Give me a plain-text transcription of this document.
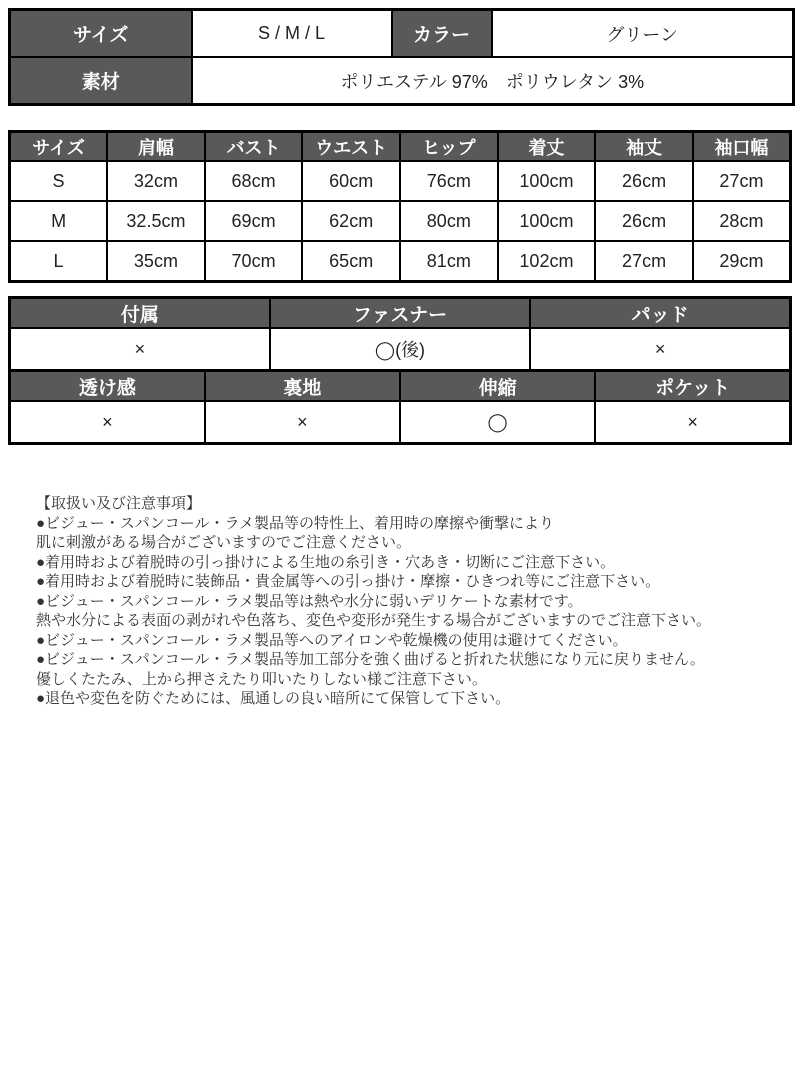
サイズ	S / M / L	カラー	グリーン
素材	ポリエステル 97%　ポリウレタン 3%		
サイズ	肩幅	バスト	ウエスト	ヒップ	着丈	袖丈	袖口幅
S	32cm	68cm	60cm	76cm	100cm	26cm	27cm
M	32.5cm	69cm	62cm	80cm	100cm	26cm	28cm
L	35cm	70cm	65cm	81cm	102cm	27cm	29cm
付属	ファスナー	パッド
×	◯(後)	×
透け感	裏地	伸縮	ポケット
×	×	◯	×
【取扱い及び注意事項】
●ビジュー・スパンコール・ラメ製品等の特性上、着用時の摩擦や衝撃により
肌に刺激がある場合がございますのでご注意ください。
●着用時および着脱時の引っ掛けによる生地の糸引き・穴あき・切断にご注意下さい。
●着用時および着脱時に装飾品・貴金属等への引っ掛け・摩擦・ひきつれ等にご注意下さい。
●ビジュー・スパンコール・ラメ製品等は熱や水分に弱いデリケートな素材です。
熱や水分による表面の剥がれや色落ち、変色や変形が発生する場合がございますのでご注意下さい。
●ビジュー・スパンコール・ラメ製品等へのアイロンや乾燥機の使用は避けてください。
●ビジュー・スパンコール・ラメ製品等加工部分を強く曲げると折れた状態になり元に戻りません。
優しくたたみ、上から押さえたり叩いたりしない様ご注意下さい。
●退色や変色を防ぐためには、風通しの良い暗所にて保管して下さい。
